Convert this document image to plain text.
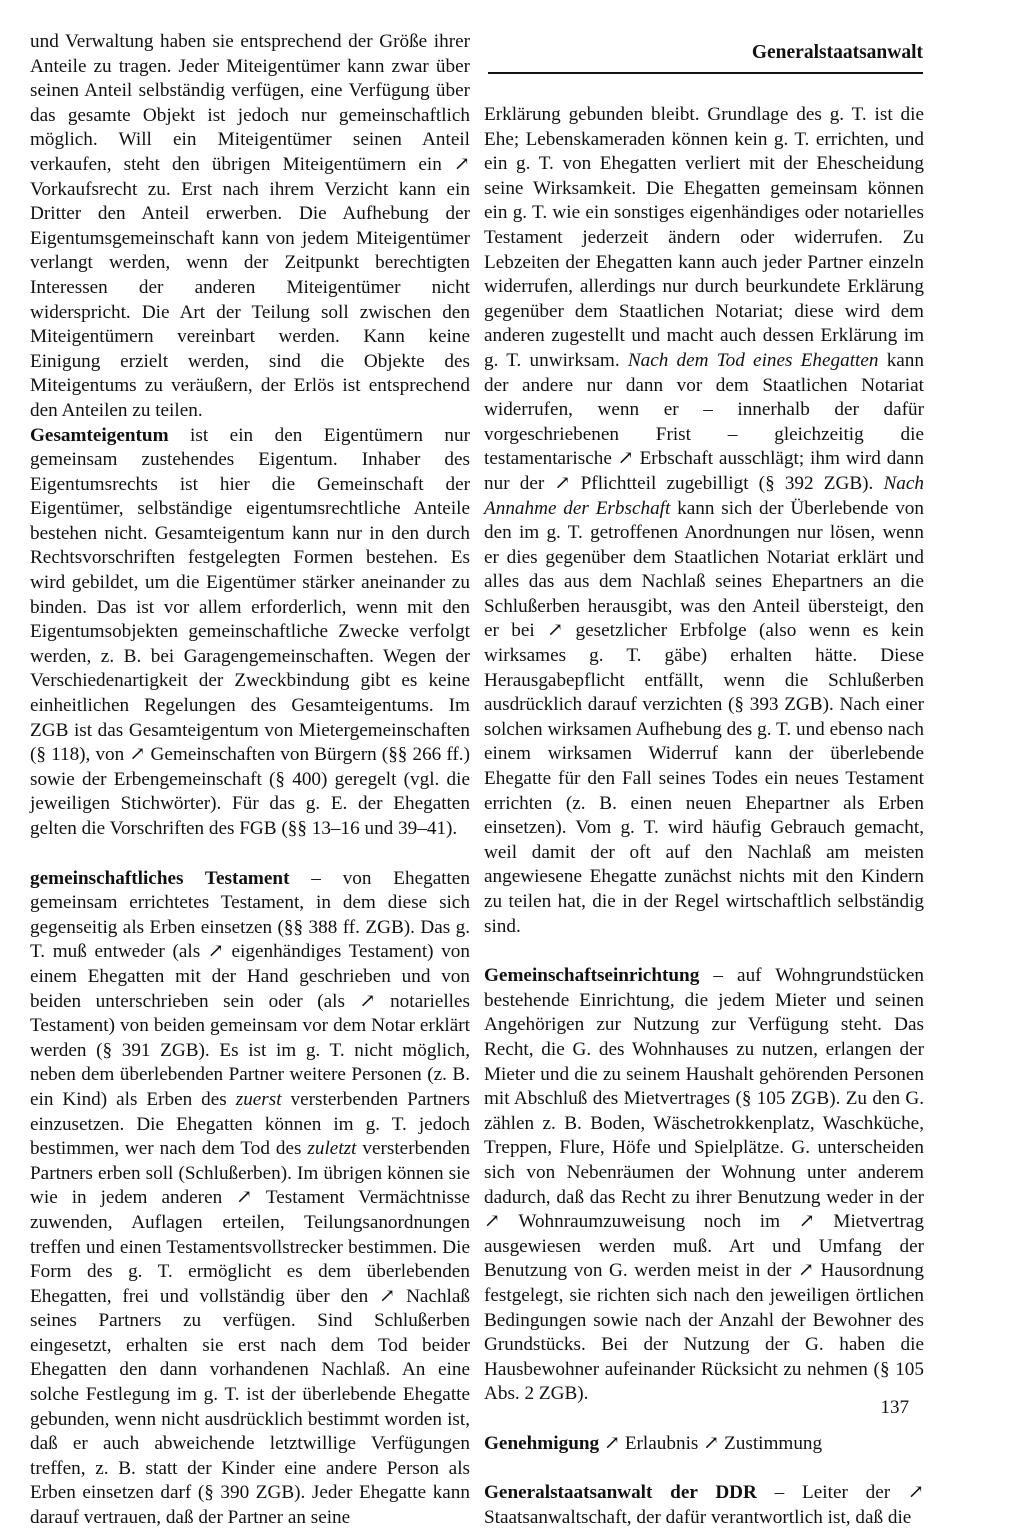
Generalstaatsanwalt

und Verwaltung haben sie entsprechend der Größe ihrer Anteile zu tragen. Jeder Miteigentümer kann zwar über seinen Anteil selbständig verfügen, eine Verfügung über das gesamte Objekt ist jedoch nur gemeinschaftlich möglich. Will ein Miteigentümer seinen Anteil verkaufen, steht den übrigen Miteigentümern ein ↗ Vorkaufsrecht zu. Erst nach ihrem Verzicht kann ein Dritter den Anteil erwerben. Die Aufhebung der Eigentumsgemeinschaft kann von jedem Miteigentümer verlangt werden, wenn der Zeitpunkt berechtigten Interessen der anderen Miteigentümer nicht widerspricht. Die Art der Teilung soll zwischen den Miteigentümern vereinbart werden. Kann keine Einigung erzielt werden, sind die Objekte des Miteigentums zu veräußern, der Erlös ist entsprechend den Anteilen zu teilen.

Gesamteigentum ist ein den Eigentümern nur gemeinsam zustehendes Eigentum. Inhaber des Eigentumsrechts ist hier die Gemeinschaft der Eigentümer, selbständige eigentumsrechtliche Anteile bestehen nicht. Gesamteigentum kann nur in den durch Rechtsvorschriften festgelegten Formen bestehen. Es wird gebildet, um die Eigentümer stärker aneinander zu binden. Das ist vor allem erforderlich, wenn mit den Eigentumsobjekten gemeinschaftliche Zwecke verfolgt werden, z. B. bei Garagengemeinschaften. Wegen der Verschiedenartigkeit der Zweckbindung gibt es keine einheitlichen Regelungen des Gesamteigentums. Im ZGB ist das Gesamteigentum von Mietergemeinschaften (§ 118), von ↗ Gemeinschaften von Bürgern (§§ 266 ff.) sowie der Erbengemeinschaft (§ 400) geregelt (vgl. die jeweiligen Stichwörter). Für das g. E. der Ehegatten gelten die Vorschriften des FGB (§§ 13–16 und 39–41).

gemeinschaftliches Testament – von Ehegatten gemeinsam errichtetes Testament, in dem diese sich gegenseitig als Erben einsetzen (§§ 388 ff. ZGB). Das g. T. muß entweder (als ↗ eigenhändiges Testament) von einem Ehegatten mit der Hand geschrieben und von beiden unterschrieben sein oder (als ↗ notarielles Testament) von beiden gemeinsam vor dem Notar erklärt werden (§ 391 ZGB). Es ist im g. T. nicht möglich, neben dem überlebenden Partner weitere Personen (z. B. ein Kind) als Erben des zuerst versterbenden Partners einzusetzen. Die Ehegatten können im g. T. jedoch bestimmen, wer nach dem Tod des zuletzt versterbenden Partners erben soll (Schlußerben). Im übrigen können sie wie in jedem anderen ↗ Testament Vermächtnisse zuwenden, Auflagen erteilen, Teilungsanordnungen treffen und einen Testamentsvollstrecker bestimmen. Die Form des g. T. ermöglicht es dem überlebenden Ehegatten, frei und vollständig über den ↗ Nachlaß seines Partners zu verfügen. Sind Schlußerben eingesetzt, erhalten sie erst nach dem Tod beider Ehegatten den dann vorhandenen Nachlaß. An eine solche Festlegung im g. T. ist der überlebende Ehegatte gebunden, wenn nicht ausdrücklich bestimmt worden ist, daß er auch abweichende letztwillige Verfügungen treffen, z. B. statt der Kinder eine andere Person als Erben einsetzen darf (§ 390 ZGB). Jeder Ehegatte kann darauf vertrauen, daß der Partner an seine

Erklärung gebunden bleibt. Grundlage des g. T. ist die Ehe; Lebenskameraden können kein g. T. errichten, und ein g. T. von Ehegatten verliert mit der Ehescheidung seine Wirksamkeit. Die Ehegatten gemeinsam können ein g. T. wie ein sonstiges eigenhändiges oder notarielles Testament jederzeit ändern oder widerrufen. Zu Lebzeiten der Ehegatten kann auch jeder Partner einzeln widerrufen, allerdings nur durch beurkundete Erklärung gegenüber dem Staatlichen Notariat; diese wird dem anderen zugestellt und macht auch dessen Erklärung im g. T. unwirksam. Nach dem Tod eines Ehegatten kann der andere nur dann vor dem Staatlichen Notariat widerrufen, wenn er – innerhalb der dafür vorgeschriebenen Frist – gleichzeitig die testamentarische ↗ Erbschaft ausschlägt; ihm wird dann nur der ↗ Pflichtteil zugebilligt (§ 392 ZGB). Nach Annahme der Erbschaft kann sich der Überlebende von den im g. T. getroffenen Anordnungen nur lösen, wenn er dies gegenüber dem Staatlichen Notariat erklärt und alles das aus dem Nachlaß seines Ehepartners an die Schlußerben herausgibt, was den Anteil übersteigt, den er bei ↗ gesetzlicher Erbfolge (also wenn es kein wirksames g. T. gäbe) erhalten hätte. Diese Herausgabepflicht entfällt, wenn die Schlußerben ausdrücklich darauf verzichten (§ 393 ZGB). Nach einer solchen wirksamen Aufhebung des g. T. und ebenso nach einem wirksamen Widerruf kann der überlebende Ehegatte für den Fall seines Todes ein neues Testament errichten (z. B. einen neuen Ehepartner als Erben einsetzen). Vom g. T. wird häufig Gebrauch gemacht, weil damit der oft auf den Nachlaß am meisten angewiesene Ehegatte zunächst nichts mit den Kindern zu teilen hat, die in der Regel wirtschaftlich selbständig sind.

Gemeinschaftseinrichtung – auf Wohngrundstücken bestehende Einrichtung, die jedem Mieter und seinen Angehörigen zur Nutzung zur Verfügung steht. Das Recht, die G. des Wohnhauses zu nutzen, erlangen der Mieter und die zu seinem Haushalt gehörenden Personen mit Abschluß des Mietvertrages (§ 105 ZGB). Zu den G. zählen z. B. Boden, Wäschetrokkenplatz, Waschküche, Treppen, Flure, Höfe und Spielplätze. G. unterscheiden sich von Nebenräumen der Wohnung unter anderem dadurch, daß das Recht zu ihrer Benutzung weder in der ↗ Wohnraumzuweisung noch im ↗ Mietvertrag ausgewiesen werden muß. Art und Umfang der Benutzung von G. werden meist in der ↗ Hausordnung festgelegt, sie richten sich nach den jeweiligen örtlichen Bedingungen sowie nach der Anzahl der Bewohner des Grundstücks. Bei der Nutzung der G. haben die Hausbewohner aufeinander Rücksicht zu nehmen (§ 105 Abs. 2 ZGB).

Genehmigung ↗ Erlaubnis ↗ Zustimmung

Generalstaatsanwalt der DDR – Leiter der ↗ Staatsanwaltschaft, der dafür verantwortlich ist, daß die

137
